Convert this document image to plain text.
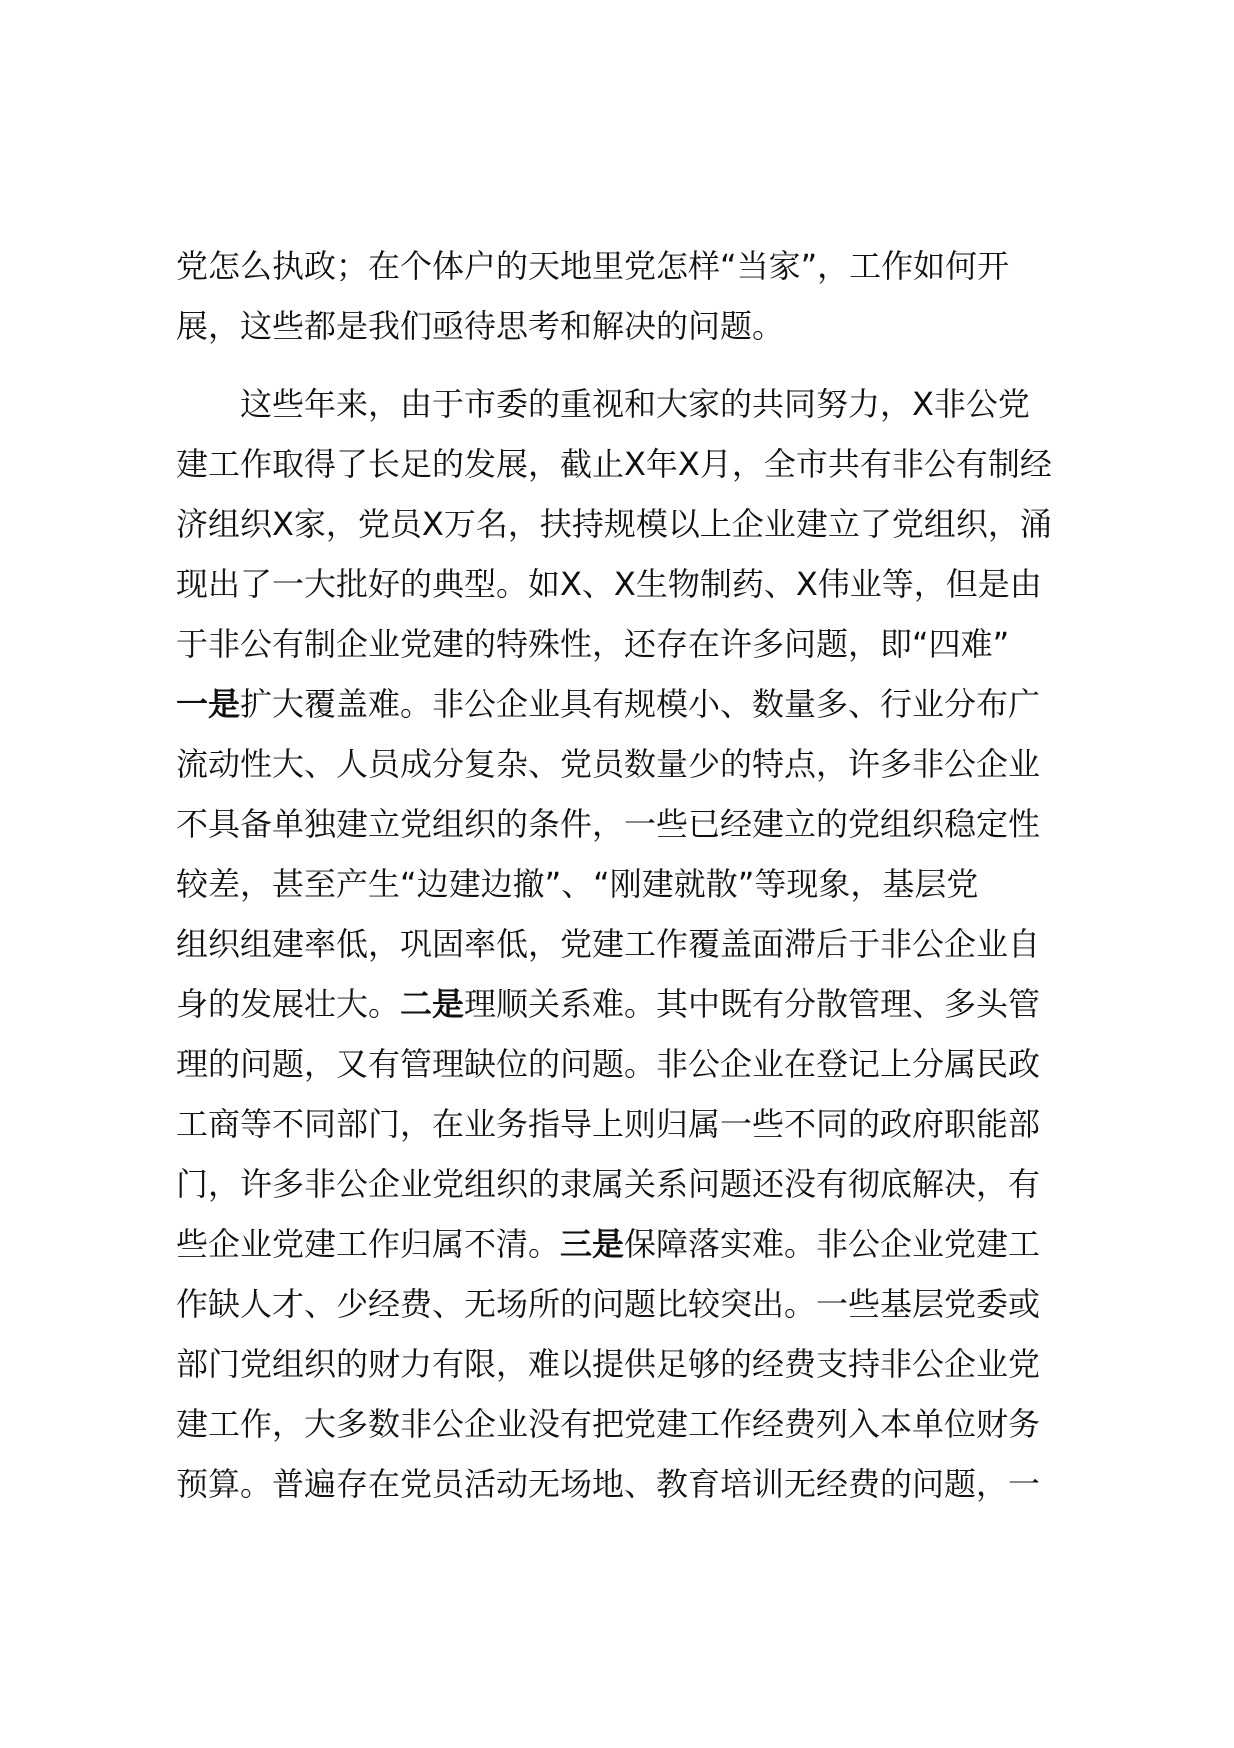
党怎么执政；在个体户的天地里党怎样“当家”，工作如何开
展，这些都是我们亟待思考和解决的问题。
这些年来，由于市委的重视和大家的共同努力，X非公党
建工作取得了长足的发展，截止X年X月，全市共有非公有制经
济组织X家，党员X万名，扶持规模以上企业建立了党组织，涌
现出了一大批好的典型。如X、X生物制药、X伟业等，但是由
于非公有制企业党建的特殊性，还存在许多问题，即“四难”
一是扩大覆盖难。非公企业具有规模小、数量多、行业分布广
流动性大、人员成分复杂、党员数量少的特点，许多非公企业
不具备单独建立党组织的条件，一些已经建立的党组织稳定性
较差，甚至产生“边建边撤”、“刚建就散”等现象，基层党
组织组建率低，巩固率低，党建工作覆盖面滞后于非公企业自
身的发展壮大。二是理顺关系难。其中既有分散管理、多头管
理的问题，又有管理缺位的问题。非公企业在登记上分属民政
工商等不同部门，在业务指导上则归属一些不同的政府职能部
门，许多非公企业党组织的隶属关系问题还没有彻底解决，有
些企业党建工作归属不清。三是保障落实难。非公企业党建工
作缺人才、少经费、无场所的问题比较突出。一些基层党委或
部门党组织的财力有限，难以提供足够的经费支持非公企业党
建工作，大多数非公企业没有把党建工作经费列入本单位财务
预算。普遍存在党员活动无场地、教育培训无经费的问题，一
